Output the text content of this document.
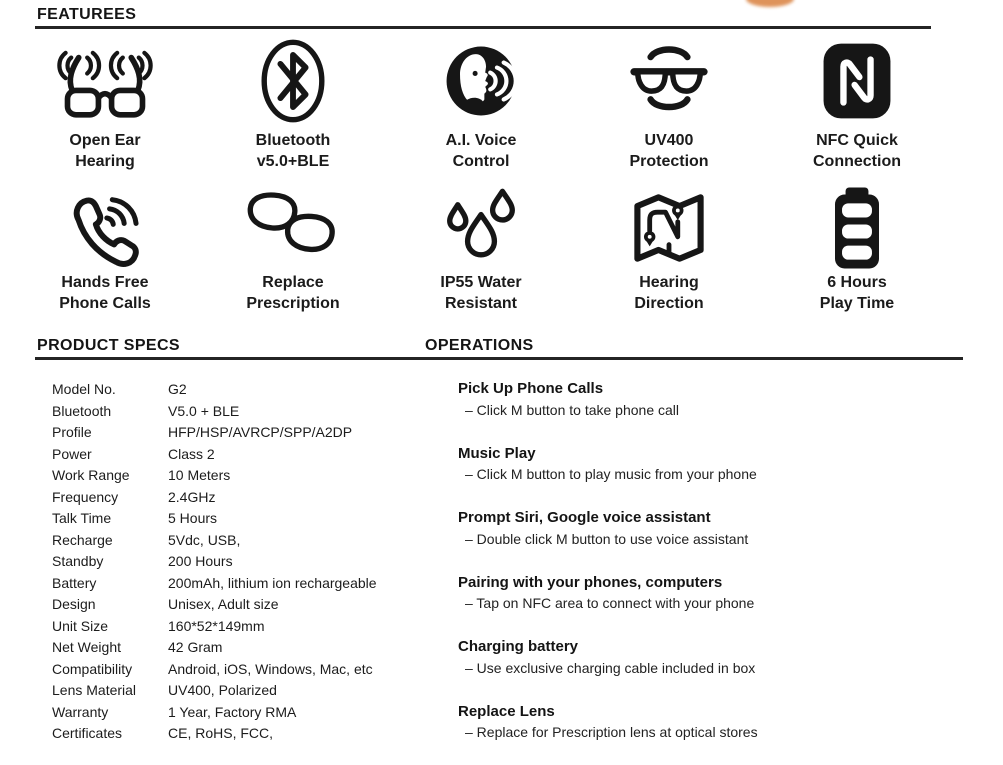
FEATUREES
Open Ear
Hearing
Bluetooth
v5.0+BLE
A.I. Voice
Control
UV400
Protection
NFC Quick
Connection
Hands Free
Phone Calls
Replace
Prescription
IP55 Water
Resistant
Hearing
Direction
6 Hours
Play Time
PRODUCT SPECS	OPERATIONS
Model No.	G2
Bluetooth	V5.0 + BLE
Profile	HFP/HSP/AVRCP/SPP/A2DP
Power	Class 2
Work Range	10 Meters
Frequency	2.4GHz
Talk Time	5 Hours
Recharge	5Vdc, USB,
Standby	200 Hours
Battery	200mAh, lithium ion rechargeable
Design	Unisex, Adult size
Unit Size	160*52*149mm
Net Weight	42 Gram
Compatibility	Android, iOS, Windows, Mac, etc
Lens Material	UV400, Polarized
Warranty	1 Year, Factory RMA
Certificates	CE, RoHS, FCC,
Pick Up Phone Calls
– Click M button to take phone call
Music Play
– Click M button to play music from your phone
Prompt Siri, Google voice assistant
– Double click M button to use voice assistant
Pairing with your phones, computers
– Tap on NFC area to connect with your phone
Charging battery
– Use exclusive charging cable included in box
Replace Lens
– Replace for Prescription lens at optical stores
